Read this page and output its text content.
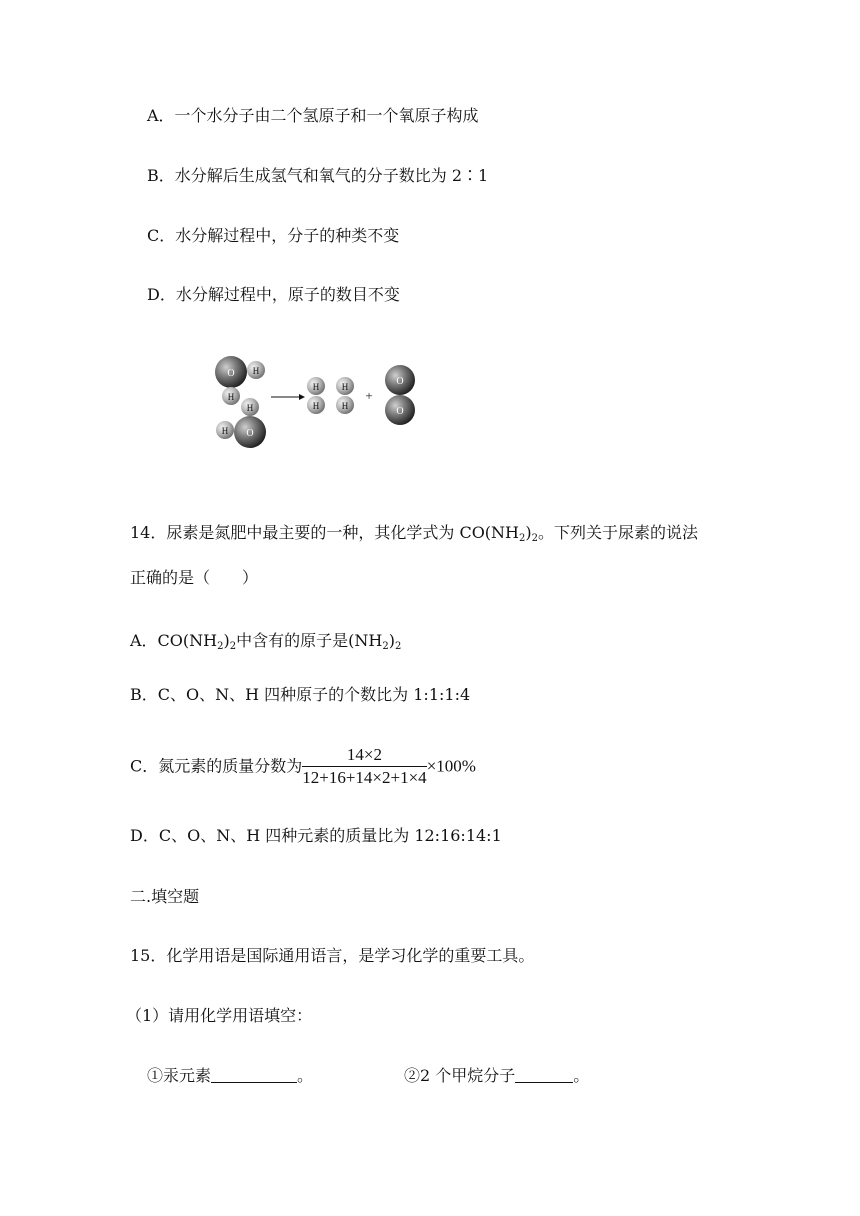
A．一个水分子由二个氢原子和一个氧原子构成
B．水分解后生成氢气和氧气的分子数比为 2∶1
C．水分解过程中，分子的种类不变
D．水分解过程中，原子的数目不变
O H
H
H
H O
H
H
H
H
+
O
O
14．尿素是氮肥中最主要的一种，其化学式为 $CO(NH_2)_2$。下列关于尿素的说法
正确的是（　　）
A．$CO(NH_2)_2$中含有的原子是$(NH_2)_2$
B．C、O、N、H 四种原子的个数比为 1:1:1:4
C．氮元素的质量分数为 $\frac{14\times 2}{12+16+14\times 2+1\times 4} \times 100\%$
D．C、O、N、H 四种元素的质量比为 12:16:14:1
二.填空题
15．化学用语是国际通用语言，是学习化学的重要工具。
（1）请用化学用语填空：
①汞元素	。	②2 个甲烷分子	。
